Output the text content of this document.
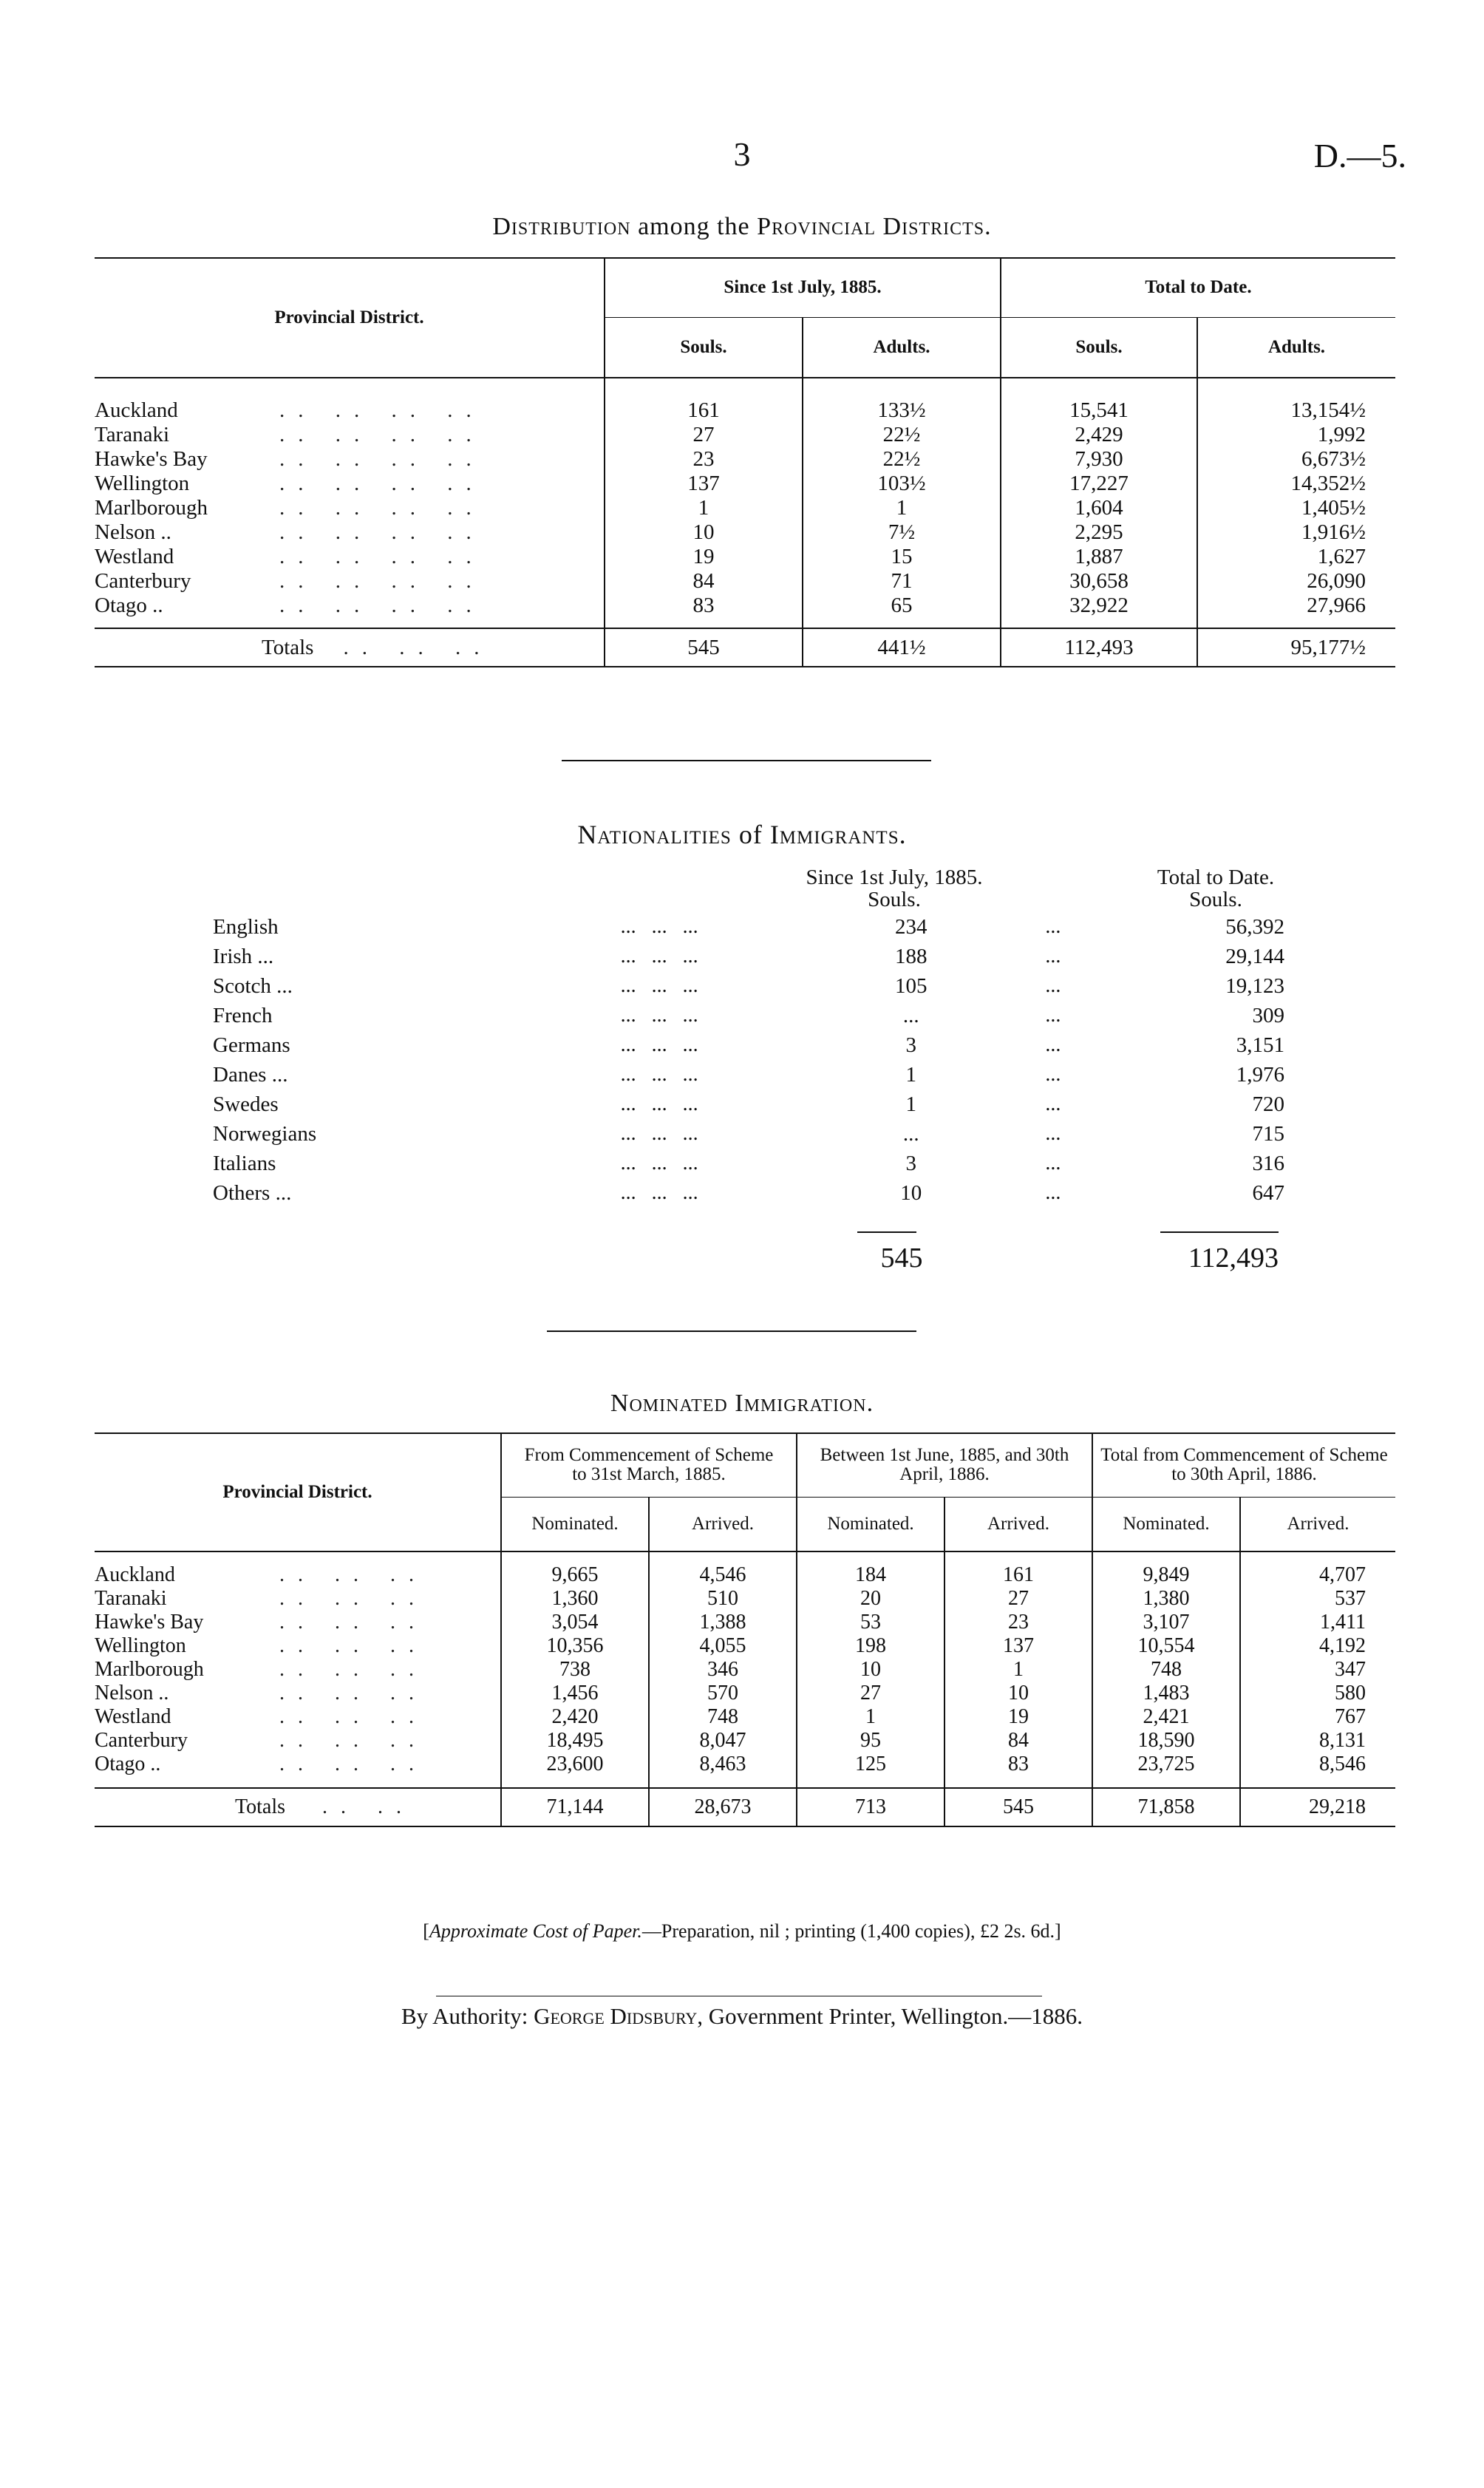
3	D.—5.
Distribution among the Provincial Districts.
Provincial District.	Since 1st July, 1885.		Total to Date.	
	Souls.	Adults.	Souls.	Adults.

Auckland .. .. .. ..	161	133½	15,541	13,154½
Taranaki .. .. .. ..	27	22½	2,429	1,992
Hawke's Bay .. .. .. ..	23	22½	7,930	6,673½
Wellington .. .. .. ..	137	103½	17,227	14,352½
Marlborough .. .. .. ..	1	1	1,604	1,405½
Nelson .. .. .. .. ..	10	7½	2,295	1,916½
Westland .. .. .. ..	19	15	1,887	1,627
Canterbury .. .. .. ..	84	71	30,658	26,090
Otago .. .. .. .. ..	83	65	32,922	27,966

Totals .. .. ..	545	441½	112,493	95,177½
Nationalities of Immigrants.
Since 1st July, 1885.
Souls.
Total to Date.
Souls.
English	...   ...   ...	234	...	56,392
Irish ...	...   ...   ...	188	...	29,144
Scotch ...	...   ...   ...	105	...	19,123
French	...   ...   ...	...	...	309
Germans	...   ...   ...	3	...	3,151
Danes ...	...   ...   ...	1	...	1,976
Swedes	...   ...   ...	1	...	720
Norwegians	...   ...   ...	...	...	715
Italians	...   ...   ...	3	...	316
Others ...	...   ...   ...	10	...	647
545	112,493
Nominated Immigration.
Provincial District.	From Commencement of Scheme to 31st March, 1885.		Between 1st June, 1885, and 30th April, 1886.		Total from Commencement of Scheme to 30th April, 1886.	
	Nominated.	Arrived.	Nominated.	Arrived.	Nominated.	Arrived.

Auckland .. .. ..	9,665	4,546	184	161	9,849	4,707
Taranaki .. .. ..	1,360	510	20	27	1,380	537
Hawke's Bay .. .. ..	3,054	1,388	53	23	3,107	1,411
Wellington .. .. ..	10,356	4,055	198	137	10,554	4,192
Marlborough .. .. ..	738	346	10	1	748	347
Nelson .. .. .. ..	1,456	570	27	10	1,483	580
Westland .. .. ..	2,420	748	1	19	2,421	767
Canterbury .. .. ..	18,495	8,047	95	84	18,590	8,131
Otago .. .. .. ..	23,600	8,463	125	83	23,725	8,546

Totals .. ..	71,144	28,673	713	545	71,858	29,218
[Approximate Cost of Paper.—Preparation, nil ; printing (1,400 copies), £2 2s. 6d.]
By Authority: George Didsbury, Government Printer, Wellington.—1886.
